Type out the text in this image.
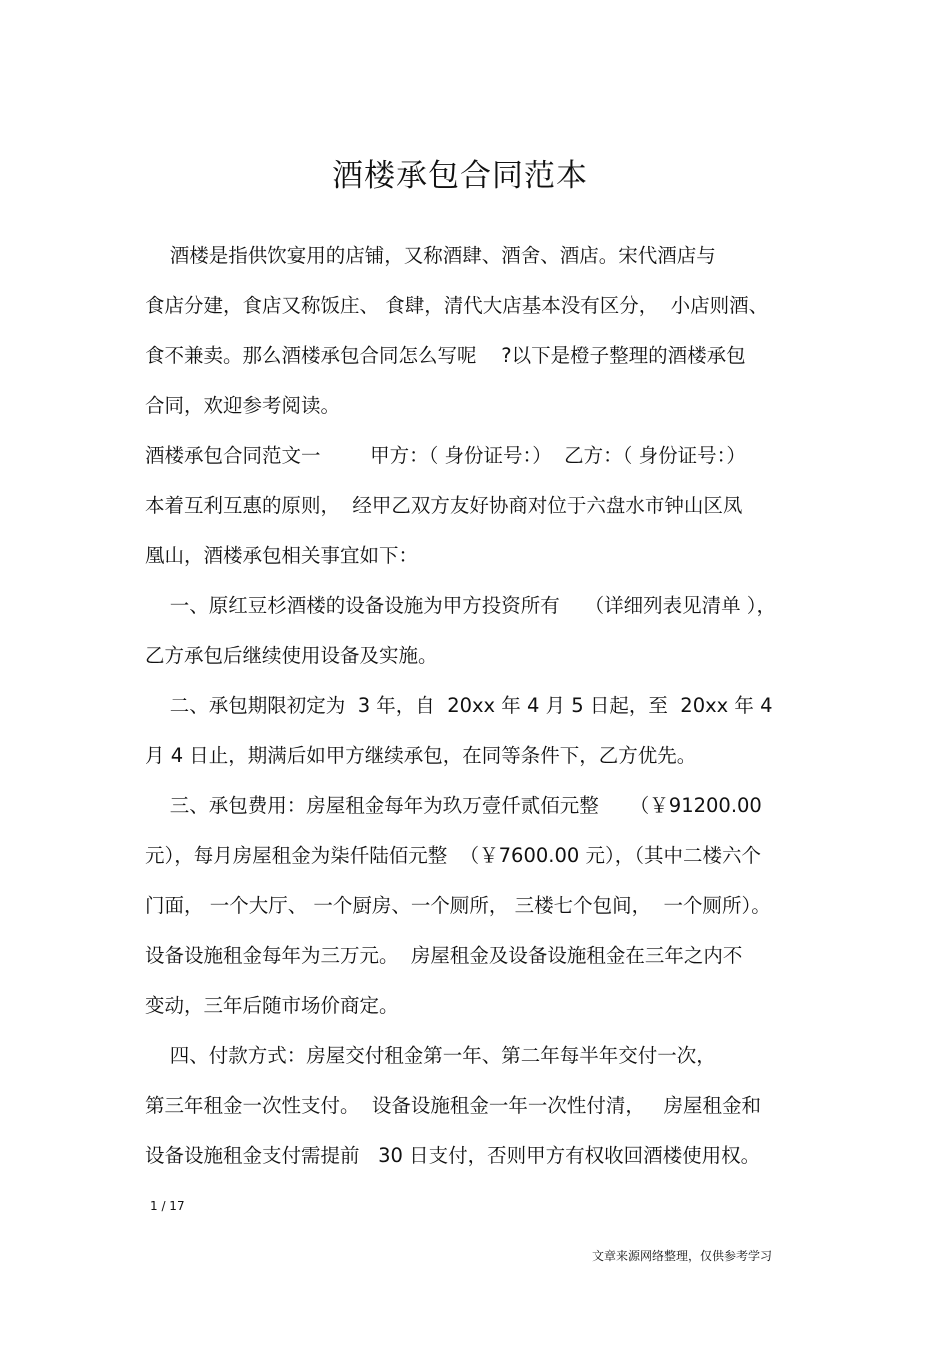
酒楼承包合同范本
酒楼是指供饮宴用的店铺，又称酒肆、酒舍、酒店。宋代酒店与
食店分建，食店又称饭庄、 食肆，清代大店基本没有区分，  小店则酒、
食不兼卖。那么酒楼承包合同怎么写呢    ?以下是橙子整理的酒楼承包
合同，欢迎参考阅读。
酒楼承包合同范文一        甲方：（ 身份证号：）  乙方：（ 身份证号：）
本着互利互惠的原则，  经甲乙双方友好协商对位于六盘水市钟山区凤
凰山，酒楼承包相关事宜如下：
一、原红豆杉酒楼的设备设施为甲方投资所有    （详细列表见清单 ），
乙方承包后继续使用设备及实施。
二、承包期限初定为  3 年，自  20xx 年 4 月 5 日起，至  20xx 年 4
月 4 日止，期满后如甲方继续承包，在同等条件下，乙方优先。
三、承包费用：房屋租金每年为玖万壹仟贰佰元整     （￥91200.00
元），每月房屋租金为柒仟陆佰元整  （￥7600.00 元），（其中二楼六个
门面， 一个大厅、 一个厨房、一个厕所， 三楼七个包间，  一个厕所）。
设备设施租金每年为三万元。  房屋租金及设备设施租金在三年之内不
变动，三年后随市场价商定。
四、付款方式：房屋交付租金第一年、第二年每半年交付一次，
第三年租金一次性支付。  设备设施租金一年一次性付清，   房屋租金和
设备设施租金支付需提前   30 日支付，否则甲方有权收回酒楼使用权。
1 / 17
文章来源网络整理，仅供参考学习
